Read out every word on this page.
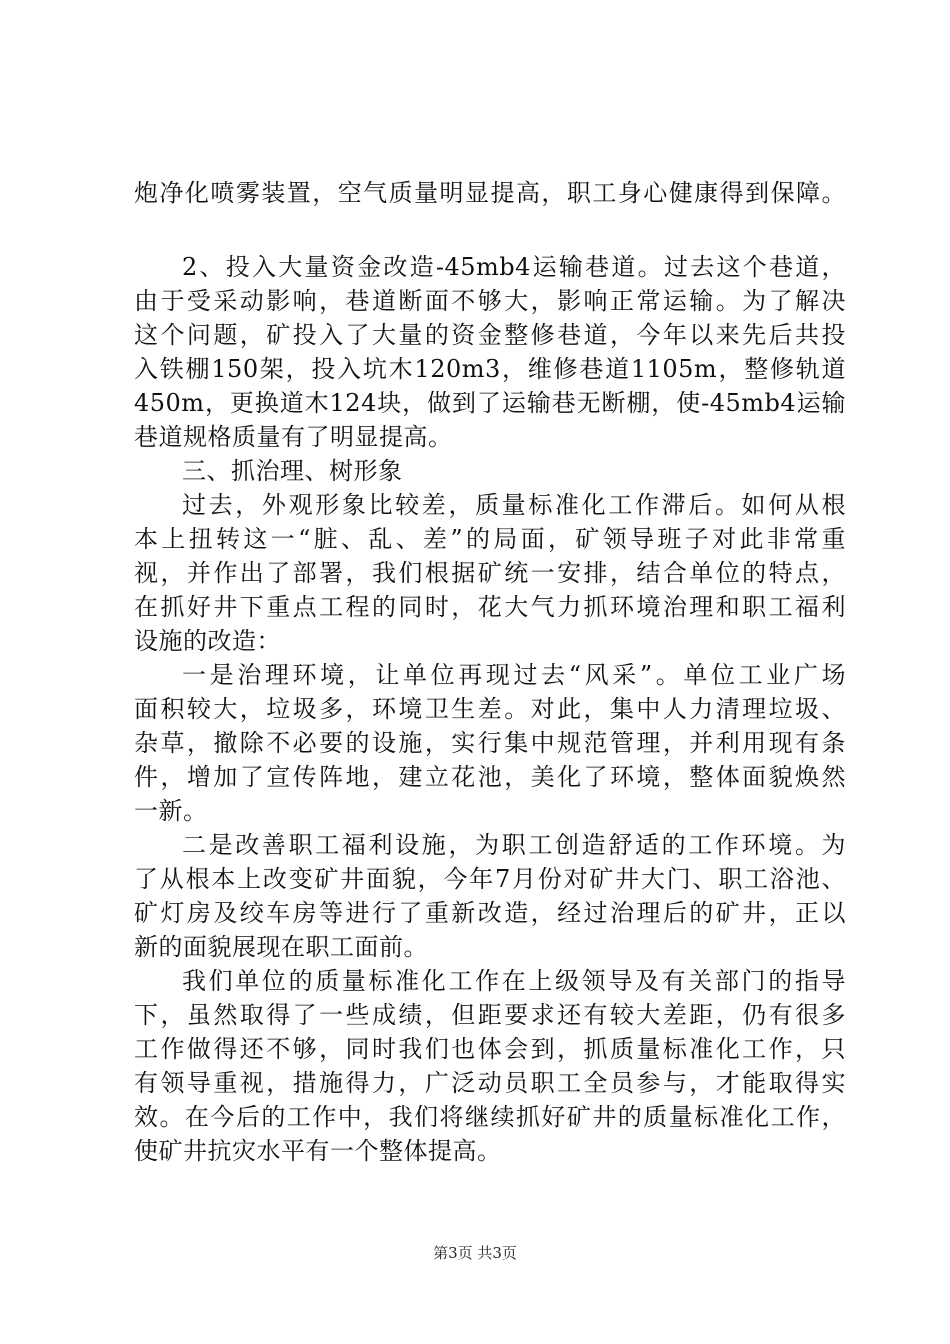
炮净化喷雾装置，空气质量明显提高，职工身心健康得到保障。
2、投入大量资金改造-45mb4运输巷道。过去这个巷道，
由于受采动影响，巷道断面不够大，影响正常运输。为了解决
这个问题，矿投入了大量的资金整修巷道，今年以来先后共投
入铁棚150架，投入坑木120m3，维修巷道1105m，整修轨道
450m，更换道木124块，做到了运输巷无断棚，使-45mb4运输
巷道规格质量有了明显提高。
三、抓治理、树形象
过去，外观形象比较差，质量标准化工作滞后。如何从根
本上扭转这一“脏、乱、差”的局面，矿领导班子对此非常重
视，并作出了部署，我们根据矿统一安排，结合单位的特点，
在抓好井下重点工程的同时，花大气力抓环境治理和职工福利
设施的改造：
一是治理环境，让单位再现过去“风采”。单位工业广场
面积较大，垃圾多，环境卫生差。对此，集中人力清理垃圾、
杂草，撤除不必要的设施，实行集中规范管理，并利用现有条
件，增加了宣传阵地，建立花池，美化了环境，整体面貌焕然
一新。
二是改善职工福利设施，为职工创造舒适的工作环境。为
了从根本上改变矿井面貌，今年7月份对矿井大门、职工浴池、
矿灯房及绞车房等进行了重新改造，经过治理后的矿井，正以
新的面貌展现在职工面前。
我们单位的质量标准化工作在上级领导及有关部门的指导
下，虽然取得了一些成绩，但距要求还有较大差距，仍有很多
工作做得还不够，同时我们也体会到，抓质量标准化工作，只
有领导重视，措施得力，广泛动员职工全员参与，才能取得实
效。在今后的工作中，我们将继续抓好矿井的质量标准化工作，
使矿井抗灾水平有一个整体提高。
第3页 共3页
